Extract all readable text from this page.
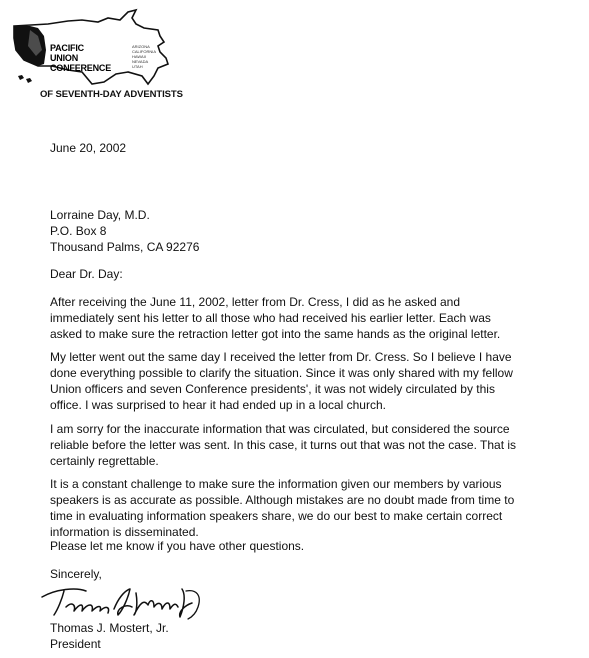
PACIFIC
UNION
CONFERENCE
ARIZONA
CALIFORNIA
HAWAII
NEVADA
UTAH
OF SEVENTH-DAY ADVENTISTS
June 20, 2002
Lorraine Day, M.D.
P.O. Box 8
Thousand Palms, CA 92276
Dear Dr. Day:
After receiving the June 11, 2002, letter from Dr. Cress, I did as he asked and
immediately sent his letter to all those who had received his earlier letter. Each was
asked to make sure the retraction letter got into the same hands as the original letter.
My letter went out the same day I received the letter from Dr. Cress. So I believe I have
done everything possible to clarify the situation. Since it was only shared with my fellow
Union officers and seven Conference presidents', it was not widely circulated by this
office. I was surprised to hear it had ended up in a local church.
I am sorry for the inaccurate information that was circulated, but considered the source
reliable before the letter was sent. In this case, it turns out that was not the case. That is
certainly regrettable.
It is a constant challenge to make sure the information given our members by various
speakers is as accurate as possible. Although mistakes are no doubt made from time to
time in evaluating information speakers share, we do our best to make certain correct
information is disseminated.
Please let me know if you have other questions.
Sincerely,
Thomas J. Mostert, Jr.
President
